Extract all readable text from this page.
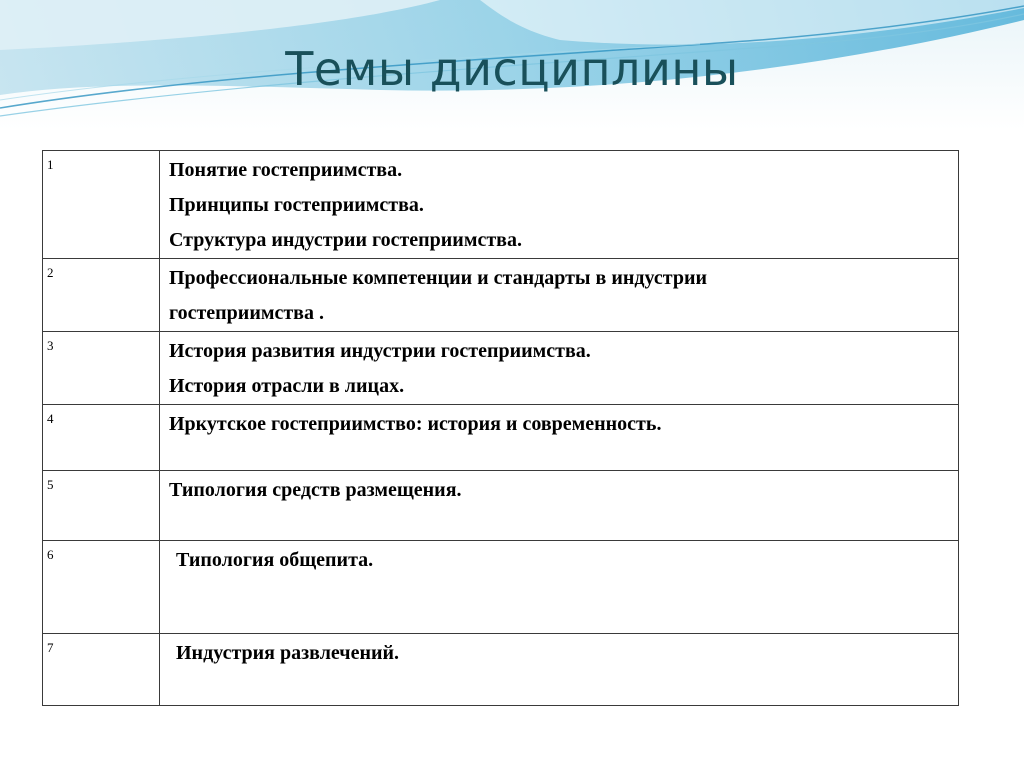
Темы дисциплины
1	Понятие гостеприимства.
Принципы гостеприимства.
Структура индустрии гостеприимства.

2	Профессиональные компетенции и стандарты в индустрии
гостеприимства .

3	История развития индустрии гостеприимства.
История отрасли в лицах.

4	Иркутское гостеприимство: история и современность.

5	Типология средств размещения.

6	Типология общепита.

7	Индустрия развлечений.
